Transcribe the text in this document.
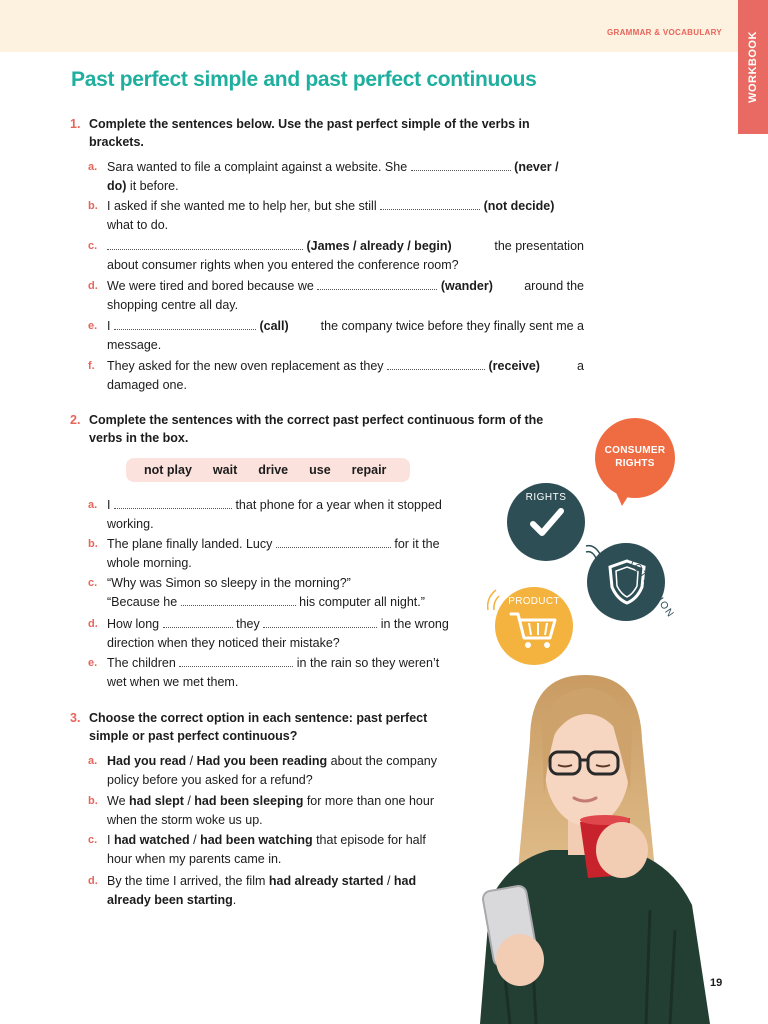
GRAMMAR & VOCABULARY WORKBOOK
Past perfect simple and past perfect continuous
1. Complete the sentences below. Use the past perfect simple of the verbs in
brackets.
a. Sara wanted to file a complaint against a website. She	(never /
do) it before.
b. I asked if she wanted me to help her, but she still	(not decide)
what to do.
c.	(James / already / begin)	the presentation
about consumer rights when you entered the conference room?
d. We were tired and bored because we	(wander)	around the
shopping centre all day.
e. I	(call)	the company twice before they finally sent me a
message.
f. They asked for the new oven replacement as they	(receive)	a
damaged one.
2. Complete the sentences with the correct past perfect continuous form of the
verbs in the box.
not play wait drive use repair
a. I	that phone for a year when it stopped
working.
b. The plane finally landed. Lucy	for it the
whole morning.
c. “Why was Simon so sleepy in the morning?”
“Because he	his computer all night.”
d. How long	they	in the wrong
direction when they noticed their mistake?
e. The children	in the rain so they weren’t
wet when we met them.
3. Choose the correct option in each sentence: past perfect
simple or past perfect continuous?
a. Had you read / Had you been reading about the company
policy before you asked for a refund?
b. We had slept / had been sleeping for more than one hour
when the storm woke us up.
c. I had watched / had been watching that episode for half
hour when my parents came in.
d. By the time I arrived, the film had already started / had
already been starting.
CONSUMER
RIGHTS
RIGHTS
PROTECTION
PRODUCT
19
